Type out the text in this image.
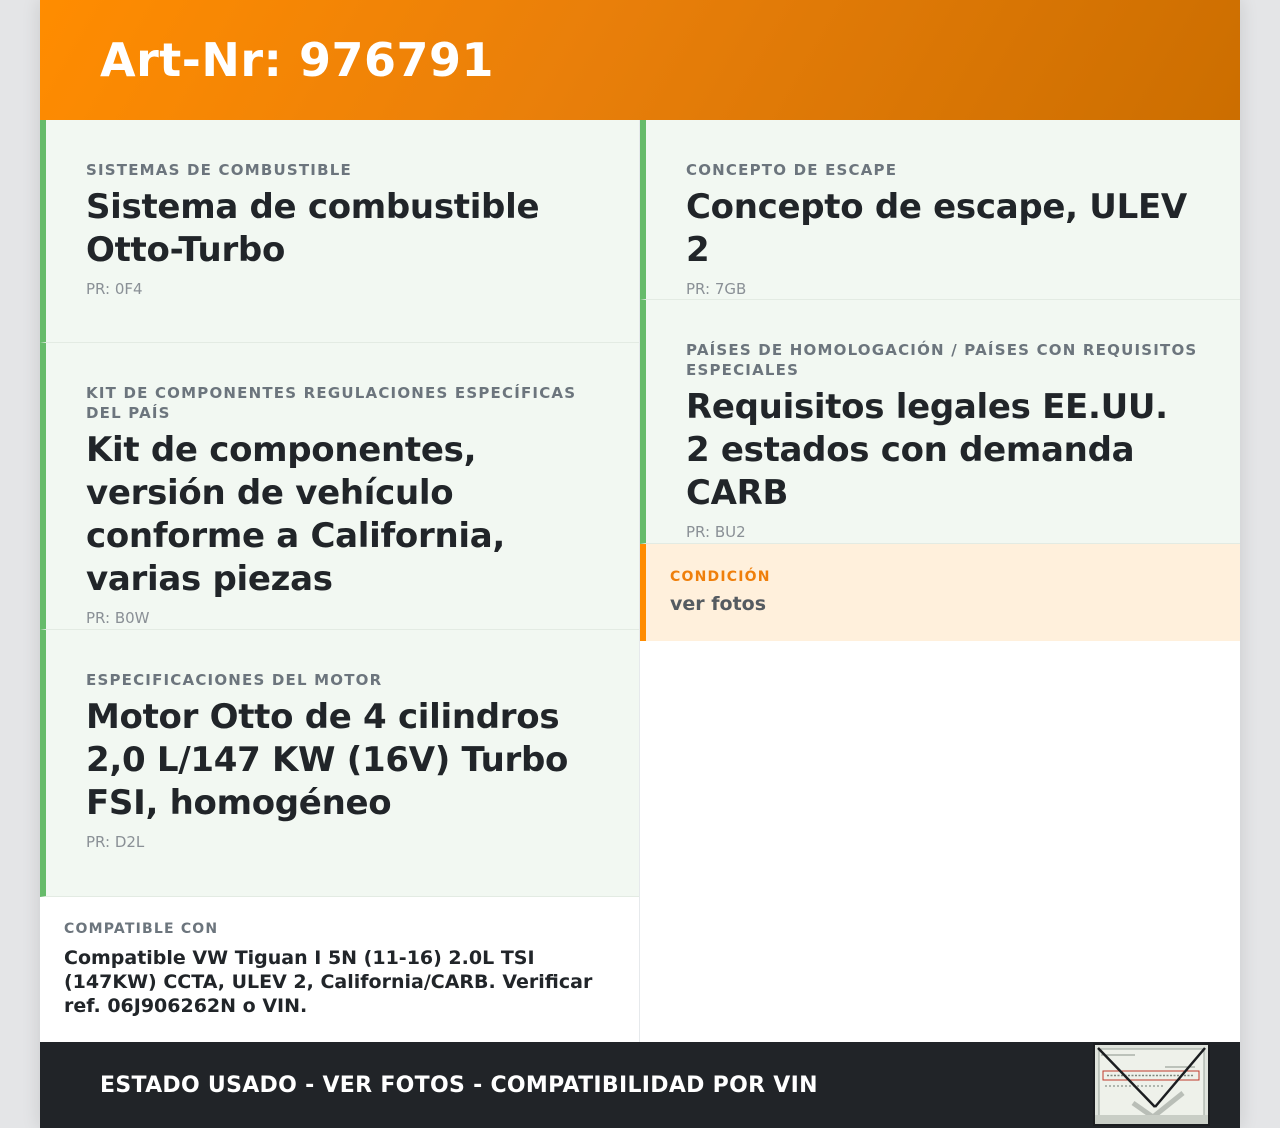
Art-Nr: 976791
SISTEMAS DE COMBUSTIBLE
Sistema de combustible Otto-Turbo
PR: 0F4
KIT DE COMPONENTES REGULACIONES ESPECÍFICAS DEL PAÍS
Kit de componentes, versión de vehículo conforme a California, varias piezas
PR: B0W
ESPECIFICACIONES DEL MOTOR
Motor Otto de 4 cilindros 2,0 L/147 KW (16V) Turbo FSI, homogéneo
PR: D2L
COMPATIBLE CON
Compatible VW Tiguan I 5N (11-16) 2.0L TSI (147KW) CCTA, ULEV 2, California/CARB. Verificar ref. 06J906262N o VIN.
CONCEPTO DE ESCAPE
Concepto de escape, ULEV 2
PR: 7GB
PAÍSES DE HOMOLOGACIÓN / PAÍSES CON REQUISITOS ESPECIALES
Requisitos legales EE.UU. 2 estados con demanda CARB
PR: BU2
CONDICIÓN
ver fotos
ESTADO USADO - VER FOTOS - COMPATIBILIDAD POR VIN
